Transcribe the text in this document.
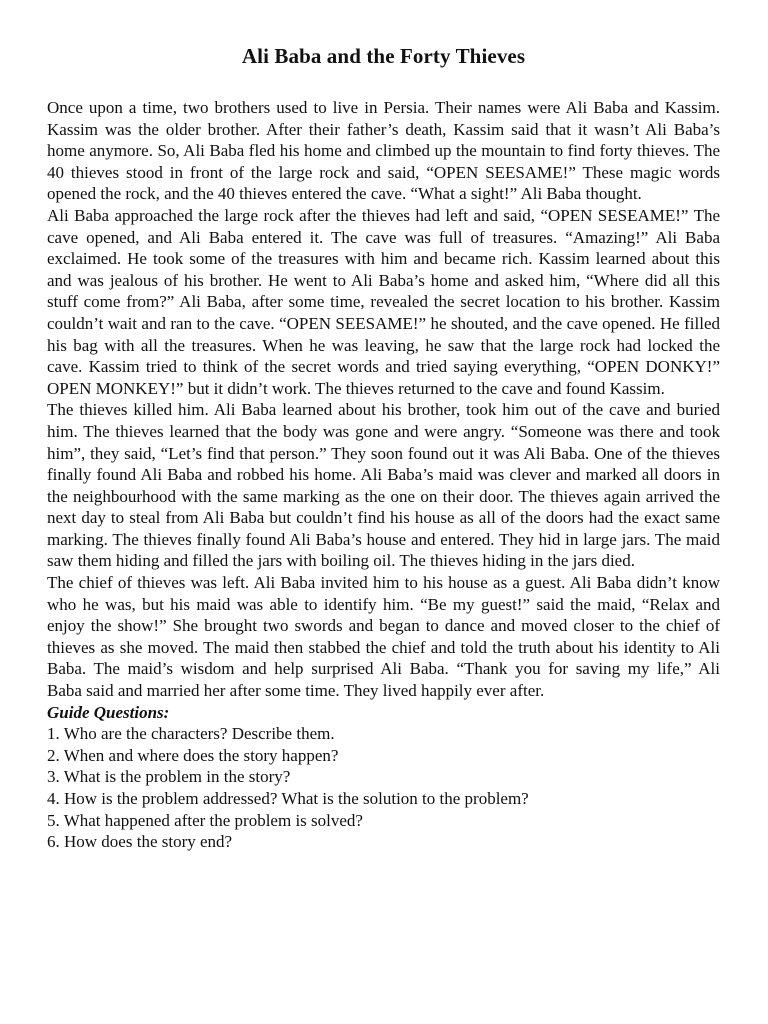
Ali Baba and the Forty Thieves

Once upon a time, two brothers used to live in Persia. Their names were Ali Baba and Kassim. Kassim was the older brother. After their father’s death, Kassim said that it wasn’t Ali Baba’s home anymore. So, Ali Baba fled his home and climbed up the mountain to find forty thieves. The 40 thieves stood in front of the large rock and said, “OPEN SEESAME!” These magic words opened the rock, and the 40 thieves entered the cave. “What a sight!” Ali Baba thought.

Ali Baba approached the large rock after the thieves had left and said, “OPEN SESEAME!” The cave opened, and Ali Baba entered it. The cave was full of treasures. “Amazing!” Ali Baba exclaimed. He took some of the treasures with him and became rich. Kassim learned about this and was jealous of his brother. He went to Ali Baba’s home and asked him, “Where did all this stuff come from?” Ali Baba, after some time, revealed the secret location to his brother. Kassim couldn’t wait and ran to the cave. “OPEN SEESAME!” he shouted, and the cave opened. He filled his bag with all the treasures. When he was leaving, he saw that the large rock had locked the cave. Kassim tried to think of the secret words and tried saying everything, “OPEN DONKY!” OPEN MONKEY!” but it didn’t work. The thieves returned to the cave and found Kassim.

The thieves killed him. Ali Baba learned about his brother, took him out of the cave and buried him. The thieves learned that the body was gone and were angry. “Someone was there and took him”, they said, “Let’s find that person.” They soon found out it was Ali Baba. One of the thieves finally found Ali Baba and robbed his home. Ali Baba’s maid was clever and marked all doors in the neighbourhood with the same marking as the one on their door. The thieves again arrived the next day to steal from Ali Baba but couldn’t find his house as all of the doors had the exact same marking. The thieves finally found Ali Baba’s house and entered. They hid in large jars. The maid saw them hiding and filled the jars with boiling oil. The thieves hiding in the jars died.

The chief of thieves was left. Ali Baba invited him to his house as a guest. Ali Baba didn’t know who he was, but his maid was able to identify him. “Be my guest!” said the maid, “Relax and enjoy the show!” She brought two swords and began to dance and moved closer to the chief of thieves as she moved. The maid then stabbed the chief and told the truth about his identity to Ali Baba. The maid’s wisdom and help surprised Ali Baba. “Thank you for saving my life,” Ali

Baba said and married her after some time. They lived happily ever after.

Guide Questions:
1. Who are the characters? Describe them.
2. When and where does the story happen?
3. What is the problem in the story?
4. How is the problem addressed? What is the solution to the problem?
5. What happened after the problem is solved?
6. How does the story end?
